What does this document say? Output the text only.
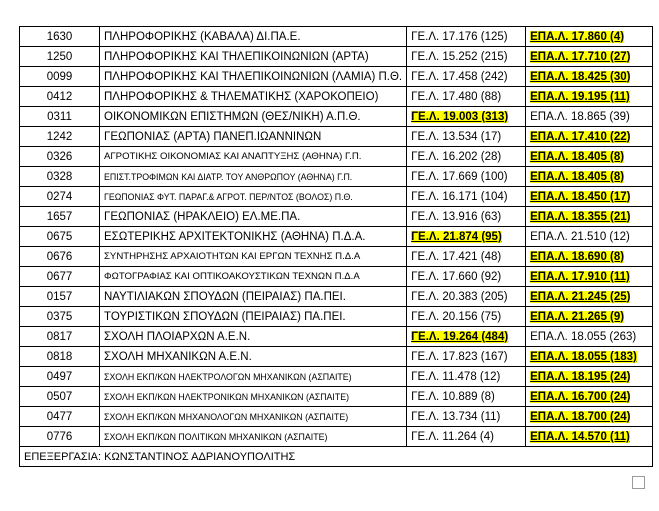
1630	ΠΛΗΡΟΦΟΡΙΚΗΣ (ΚΑΒΑΛΑ) ΔΙ.ΠΑ.Ε.	ΓΕ.Λ. 17.176 (125)	ΕΠΑ.Λ. 17.860 (4)
1250	ΠΛΗΡΟΦΟΡΙΚΗΣ ΚΑΙ ΤΗΛΕΠΙΚΟΙΝΩΝΙΩΝ (ΑΡΤΑ)	ΓΕ.Λ. 15.252 (215)	ΕΠΑ.Λ. 17.710 (27)
0099	ΠΛΗΡΟΦΟΡΙΚΗΣ ΚΑΙ ΤΗΛΕΠΙΚΟΙΝΩΝΙΩΝ (ΛΑΜΙΑ) Π.Θ.	ΓΕ.Λ. 17.458 (242)	ΕΠΑ.Λ. 18.425 (30)
0412	ΠΛΗΡΟΦΟΡΙΚΗΣ & ΤΗΛΕΜΑΤΙΚΗΣ (ΧΑΡΟΚΟΠΕΙΟ)	ΓΕ.Λ. 17.480 (88)	ΕΠΑ.Λ. 19.195 (11)
0311	ΟΙΚΟΝΟΜΙΚΩΝ ΕΠΙΣΤΗΜΩΝ (ΘΕΣ/ΝΙΚΗ) Α.Π.Θ.	ΓΕ.Λ. 19.003 (313)	ΕΠΑ.Λ. 18.865 (39)
1242	ΓΕΩΠΟΝΙΑΣ (ΑΡΤΑ) ΠΑΝΕΠ.ΙΩΑΝΝΙΝΩΝ	ΓΕ.Λ. 13.534 (17)	ΕΠΑ.Λ. 17.410 (22)
0326	ΑΓΡΟΤΙΚΗΣ ΟΙΚΟΝΟΜΙΑΣ ΚΑΙ ΑΝΑΠΤΥΞΗΣ (ΑΘΗΝΑ) Γ.Π.	ΓΕ.Λ. 16.202 (28)	ΕΠΑ.Λ. 18.405 (8)
0328	ΕΠΙΣΤ.ΤΡΟΦΙΜΩΝ ΚΑΙ ΔΙΑΤΡ. ΤΟΥ ΑΝΘΡΩΠΟΥ (ΑΘΗΝΑ) Γ.Π.	ΓΕ.Λ. 17.669 (100)	ΕΠΑ.Λ. 18.405 (8)
0274	ΓΕΩΠΟΝΙΑΣ ΦΥΤ. ΠΑΡΑΓ.& ΑΓΡΟΤ. ΠΕΡ/ΝΤΟΣ (ΒΟΛΟΣ) Π.Θ.	ΓΕ.Λ. 16.171 (104)	ΕΠΑ.Λ. 18.450 (17)
1657	ΓΕΩΠΟΝΙΑΣ (ΗΡΑΚΛΕΙΟ) ΕΛ.ΜΕ.ΠΑ.	ΓΕ.Λ. 13.916 (63)	ΕΠΑ.Λ. 18.355 (21)
0675	ΕΣΩΤΕΡΙΚΗΣ ΑΡΧΙΤΕΚΤΟΝΙΚΗΣ (ΑΘΗΝΑ) Π.Δ.Α.	ΓΕ.Λ. 21.874 (95)	ΕΠΑ.Λ. 21.510 (12)
0676	ΣΥΝΤΗΡΗΣΗΣ ΑΡΧΑΙΟΤΗΤΩΝ ΚΑΙ ΕΡΓΩΝ ΤΕΧΝΗΣ Π.Δ.Α	ΓΕ.Λ. 17.421 (48)	ΕΠΑ.Λ. 18.690 (8)
0677	ΦΩΤΟΓΡΑΦΙΑΣ ΚΑΙ ΟΠΤΙΚΟΑΚΟΥΣΤΙΚΩΝ ΤΕΧΝΩΝ Π.Δ.Α	ΓΕ.Λ. 17.660 (92)	ΕΠΑ.Λ. 17.910 (11)
0157	ΝΑΥΤΙΛΙΑΚΩΝ ΣΠΟΥΔΩΝ (ΠΕΙΡΑΙΑΣ) ΠΑ.ΠΕΙ.	ΓΕ.Λ. 20.383 (205)	ΕΠΑ.Λ. 21.245 (25)
0375	ΤΟΥΡΙΣΤΙΚΩΝ ΣΠΟΥΔΩΝ (ΠΕΙΡΑΙΑΣ) ΠΑ.ΠΕΙ.	ΓΕ.Λ. 20.156 (75)	ΕΠΑ.Λ. 21.265 (9)
0817	ΣΧΟΛΗ ΠΛΟΙΑΡΧΩΝ Α.Ε.Ν.	ΓΕ.Λ. 19.264 (484)	ΕΠΑ.Λ. 18.055 (263)
0818	ΣΧΟΛΗ ΜΗΧΑΝΙΚΩΝ Α.Ε.Ν.	ΓΕ.Λ. 17.823 (167)	ΕΠΑ.Λ. 18.055 (183)
0497	ΣΧΟΛΗ ΕΚΠ/ΚΩΝ ΗΛΕΚΤΡΟΛΟΓΩΝ ΜΗΧΑΝΙΚΩΝ (ΑΣΠΑΙΤΕ)	ΓΕ.Λ. 11.478 (12)	ΕΠΑ.Λ. 18.195 (24)
0507	ΣΧΟΛΗ ΕΚΠ/ΚΩΝ ΗΛΕΚΤΡΟΝΙΚΩΝ ΜΗΧΑΝΙΚΩΝ (ΑΣΠΑΙΤΕ)	ΓΕ.Λ. 10.889 (8)	ΕΠΑ.Λ. 16.700 (24)
0477	ΣΧΟΛΗ ΕΚΠ/ΚΩΝ ΜΗΧΑΝΟΛΟΓΩΝ ΜΗΧΑΝΙΚΩΝ (ΑΣΠΑΙΤΕ)	ΓΕ.Λ. 13.734 (11)	ΕΠΑ.Λ. 18.700 (24)
0776	ΣΧΟΛΗ ΕΚΠ/ΚΩΝ ΠΟΛΙΤΙΚΩΝ ΜΗΧΑΝΙΚΩΝ (ΑΣΠΑΙΤΕ)	ΓΕ.Λ. 11.264 (4)	ΕΠΑ.Λ. 14.570 (11)
ΕΠΕΞΕΡΓΑΣΙΑ: ΚΩΝΣΤΑΝΤΙΝΟΣ ΑΔΡΙΑΝΟΥΠΟΛΙΤΗΣ			
